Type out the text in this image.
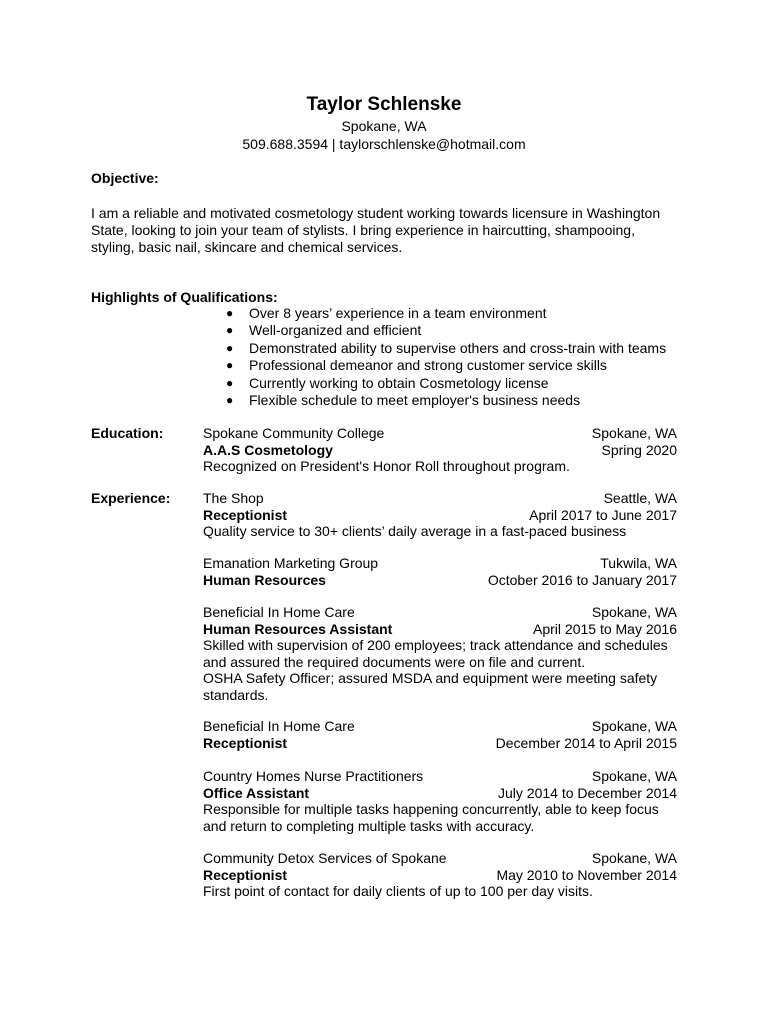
Taylor Schlenske
Spokane, WA
509.688.3594 | taylorschlenske@hotmail.com
Objective:
I am a reliable and motivated cosmetology student working towards licensure in Washington State, looking to join your team of stylists. I bring experience in haircutting, shampooing, styling, basic nail, skincare and chemical services.
Highlights of Qualifications:
● Over 8 years’ experience in a team environment
● Well-organized and efficient
● Demonstrated ability to supervise others and cross-train with teams
● Professional demeanor and strong customer service skills
● Currently working to obtain Cosmetology license
● Flexible schedule to meet employer's business needs
Education:	Spokane Community College	Spokane, WA
A.A.S Cosmetology	Spring 2020
Recognized on President's Honor Roll throughout program.
Experience: The Shop	Seattle, WA
Receptionist	April 2017 to June 2017
Quality service to 30+ clients’ daily average in a fast-paced business
Emanation Marketing Group	Tukwila, WA
Human Resources	October 2016 to January 2017
Beneficial In Home Care	Spokane, WA
Human Resources Assistant	April 2015 to May 2016
Skilled with supervision of 200 employees; track attendance and schedules
and assured the required documents were on file and current.
OSHA Safety Officer; assured MSDA and equipment were meeting safety
standards.
Beneficial In Home Care	Spokane, WA
Receptionist	December 2014 to April 2015
Country Homes Nurse Practitioners	Spokane, WA
Office Assistant	July 2014 to December 2014
Responsible for multiple tasks happening concurrently, able to keep focus
and return to completing multiple tasks with accuracy.
Community Detox Services of Spokane	Spokane, WA
Receptionist	May 2010 to November 2014
First point of contact for daily clients of up to 100 per day visits.
